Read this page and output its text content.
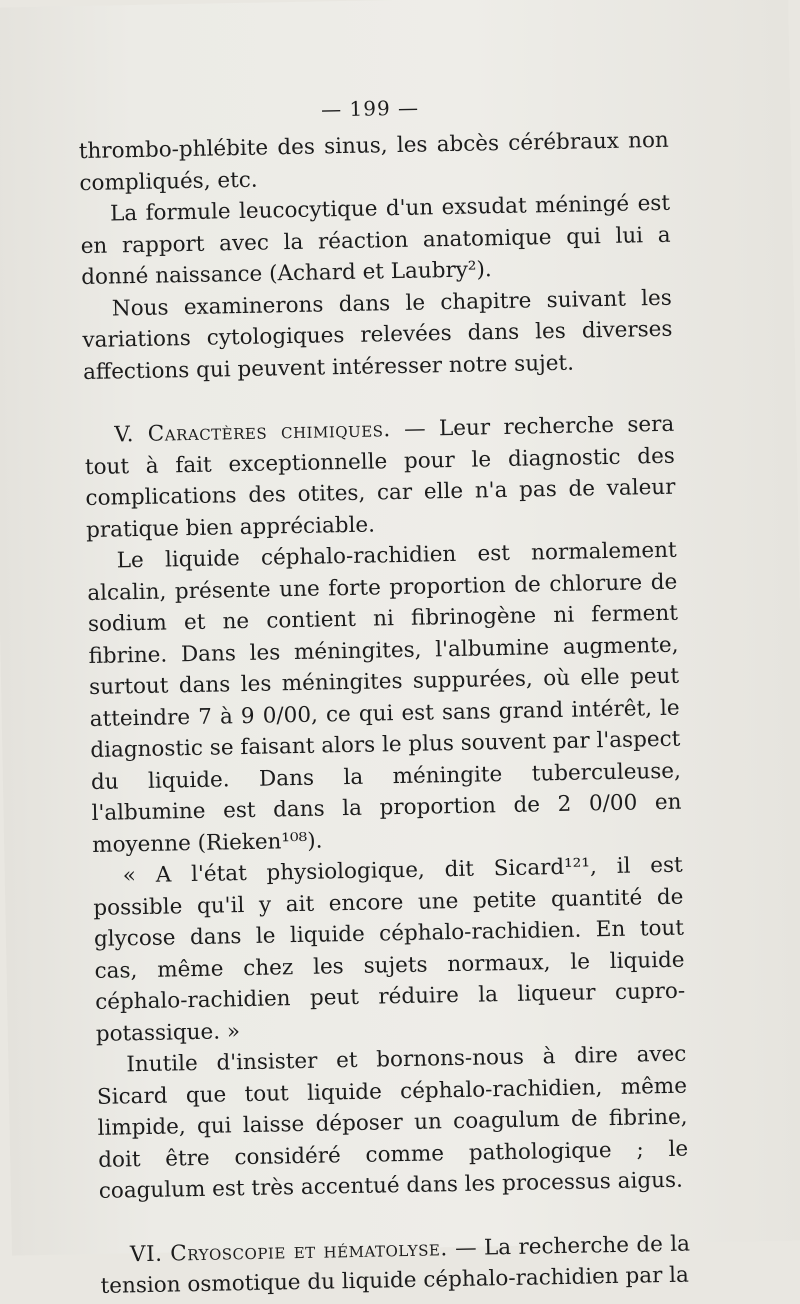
— 199 —

thrombo-phlébite des sinus, les abcès cérébraux non compliqués, etc.

La formule leucocytique d'un exsudat méningé est en rapport avec la réaction anatomique qui lui a donné naissance (Achard et Laubry²).

Nous examinerons dans le chapitre suivant les variations cytologiques relevées dans les diverses affections qui peuvent intéresser notre sujet.

V. Caractères chimiques. — Leur recherche sera tout à fait exceptionnelle pour le diagnostic des complications des otites, car elle n'a pas de valeur pratique bien appréciable.

Le liquide céphalo-rachidien est normalement alcalin, présente une forte proportion de chlorure de sodium et ne contient ni fibrinogène ni ferment fibrine. Dans les méningites, l'albumine augmente, surtout dans les méningites suppurées, où elle peut atteindre 7 à 9 0/00, ce qui est sans grand intérêt, le diagnostic se faisant alors le plus souvent par l'aspect du liquide. Dans la méningite tuberculeuse, l'albumine est dans la proportion de 2 0/00 en moyenne (Rieken¹⁰⁸).

« A l'état physiologique, dit Sicard¹²¹, il est possible qu'il y ait encore une petite quantité de glycose dans le liquide céphalo-rachidien. En tout cas, même chez les sujets normaux, le liquide céphalo-rachidien peut réduire la liqueur cupro-potassique. »

Inutile d'insister et bornons-nous à dire avec Sicard que tout liquide céphalo-rachidien, même limpide, qui laisse déposer un coagulum de fibrine, doit être considéré comme pathologique ; le coagulum est très accentué dans les processus aigus.

VI. Cryoscopie et hématolyse. — La recherche de la tension osmotique du liquide céphalo-rachidien par la
